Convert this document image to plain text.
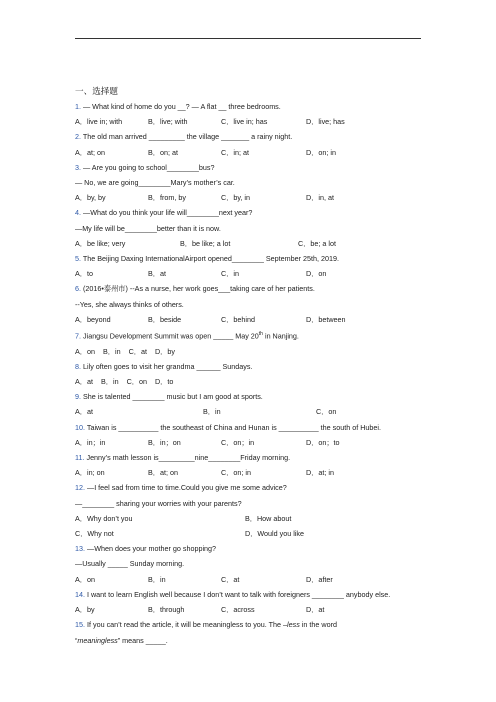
一、选择题
1. — What kind of home do you __? — A flat __ three bedrooms.
A．live in; with	B．live; with	C．live in; has	D．live; has
2. The old man arrived _________ the village _______ a rainy night.
A．at; on	B．on; at	C．in; at	D．on; in
3. — Are you going to school________bus?
— No, we are going________Mary’s mother’s car.
A．by, by	B．from, by	C．by, in	D．in, at
4. —What do you think your life will________next year?
—My life will be________better than it is now.
A．be like; very	B．be like; a lot	C．be; a lot
5. The Beijing Daxing InternationalAirport opened________ September 25th, 2019.
A．to	B．at	C．in	D．on
6. (2016•泰州市) --As a nurse, her work goes___taking care of her patients.
--Yes, she always thinks of others.
A．beyond	B．beside	C．behind	D．between
7. Jiangsu Development Summit was open _____ May 20th in Nanjing.
A．on B．in C．at D．by
8. Lily often goes to visit her grandma ______ Sundays.
A．at B．in C．on D．to
9. She is talented ________ music but I am good at sports.
A．at	B．in	C．on
10. Taiwan is __________ the southeast of China and Hunan is __________ the south of Hubei.
A．in；in	B．in；on	C．on；in	D．on；to
11. Jenny’s math lesson is_________nine________Friday morning.
A．in; on	B．at; on	C．on; in	D．at; in
12. —I feel sad from time to time.Could you give me some advice?
—________ sharing your worries with your parents?
A．Why don’t you	B．How about
C．Why not	D．Would you like
13. —When does your mother go shopping?
—Usually _____ Sunday morning.
A．on	B．in	C．at	D．after
14. I want to learn English well because I don’t want to talk with foreigners ________ anybody else.
A．by	B．through	C．across	D．at
15. If you can’t read the article, it will be meaningless to you. The –less in the word
“meaningless” means _____.
